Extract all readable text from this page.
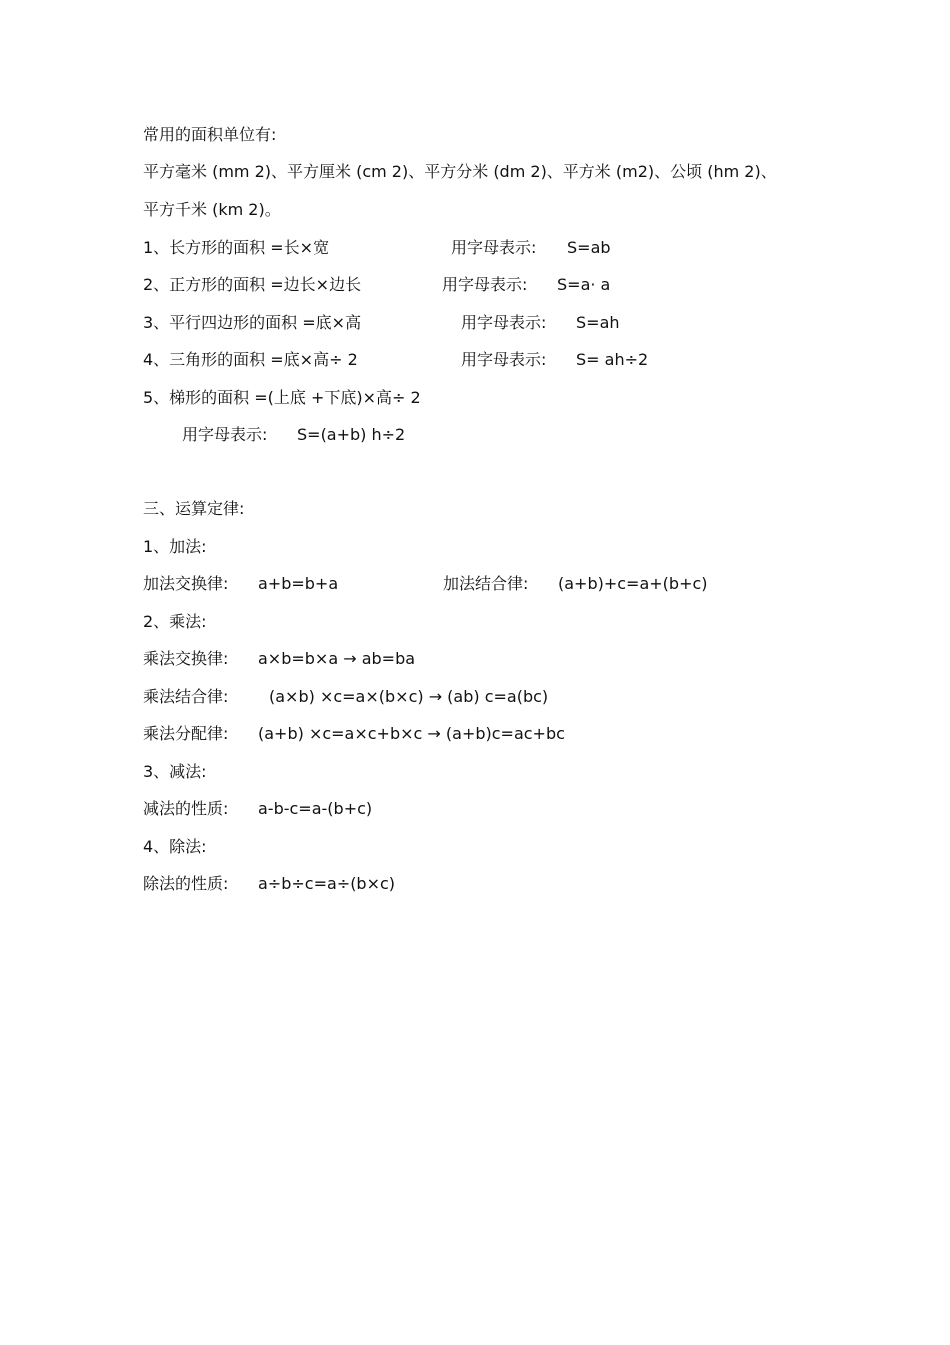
常用的面积单位有:
平方毫米 (mm 2)、平方厘米 (cm 2)、平方分米 (dm 2)、平方米 (m2)、公顷 (hm 2)、
平方千米 (km 2)。
1、长方形的面积 =长×宽	用字母表示: S=ab
2、正方形的面积 =边长×边长	用字母表示: S=a· a
3、平行四边形的面积 =底×高	用字母表示: S=ah
4、三角形的面积 =底×高÷ 2	用字母表示: S= ah÷2
5、梯形的面积 =(上底 +下底)×高÷ 2
用字母表示: S=(a+b) h÷2
三、运算定律:
1、加法:
加法交换律: a+b=b+a	加法结合律: (a+b)+c=a+(b+c)
2、乘法:
乘法交换律: a×b=b×a → ab=ba
乘法结合律:	(a×b) ×c=a×(b×c) → (ab) c=a(bc)
乘法分配律: (a+b) ×c=a×c+b×c → (a+b)c=ac+bc
3、减法:
减法的性质: a-b-c=a-(b+c)
4、除法:
除法的性质: a÷b÷c=a÷(b×c)
